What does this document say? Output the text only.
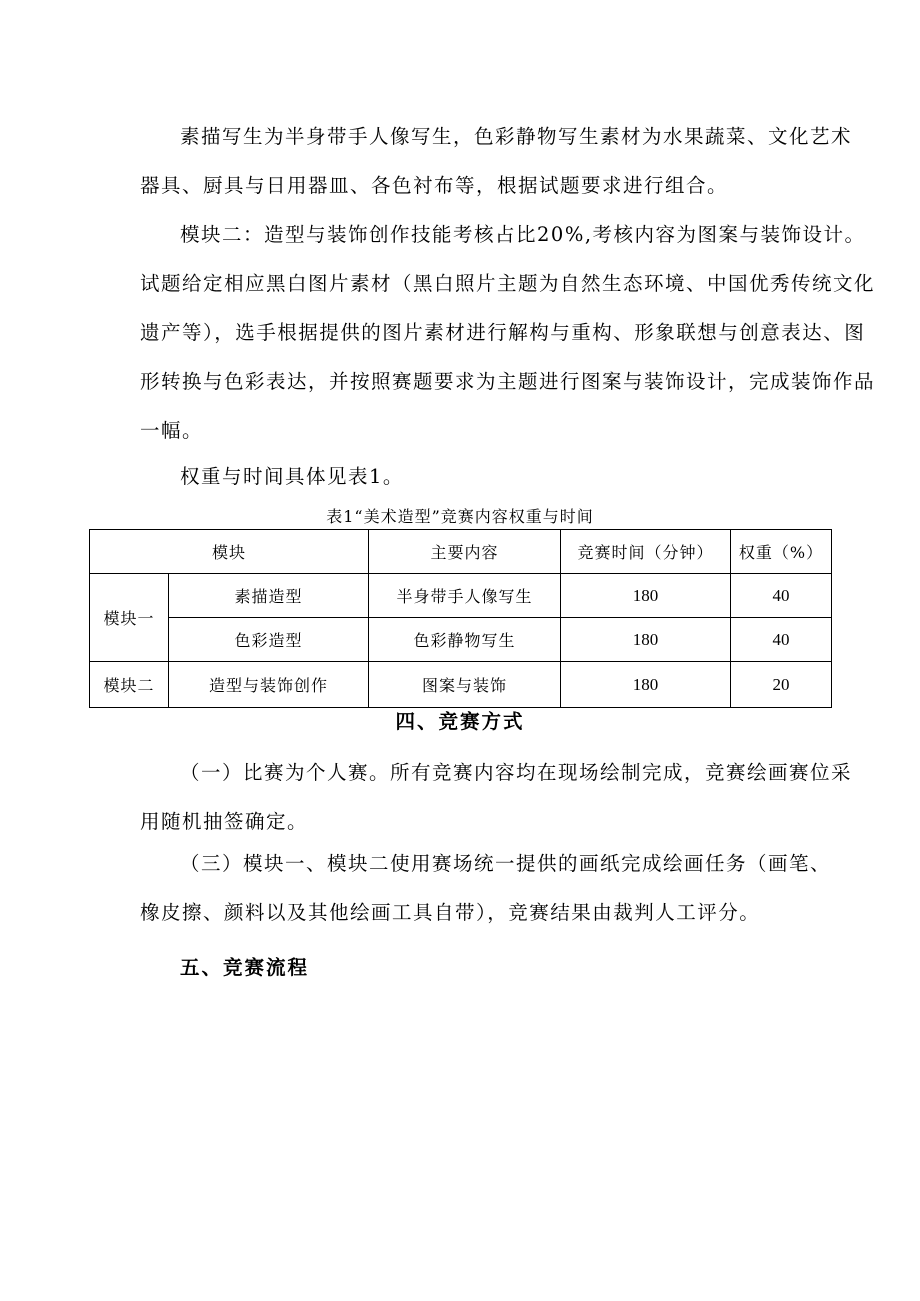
素描写生为半身带手人像写生，色彩静物写生素材为水果蔬菜、文化艺术
器具、厨具与日用器皿、各色衬布等，根据试题要求进行组合。
模块二：造型与装饰创作技能考核占比20%,考核内容为图案与装饰设计。
试题给定相应黑白图片素材（黑白照片主题为自然生态环境、中国优秀传统文化
遗产等），选手根据提供的图片素材进行解构与重构、形象联想与创意表达、图
形转换与色彩表达，并按照赛题要求为主题进行图案与装饰设计，完成装饰作品
一幅。
权重与时间具体见表1。

表1“美术造型”竞赛内容权重与时间

模块		主要内容	竞赛时间（分钟）	权重（%）
模块一	素描造型	半身带手人像写生	180	40
	色彩造型	色彩静物写生	180	40
模块二	造型与装饰创作	图案与装饰	180	20
四、竞赛方式
（一）比赛为个人赛。所有竞赛内容均在现场绘制完成，竞赛绘画赛位采
用随机抽签确定。
（三）模块一、模块二使用赛场统一提供的画纸完成绘画任务（画笔、
橡皮擦、颜料以及其他绘画工具自带），竞赛结果由裁判人工评分。
五、竞赛流程
